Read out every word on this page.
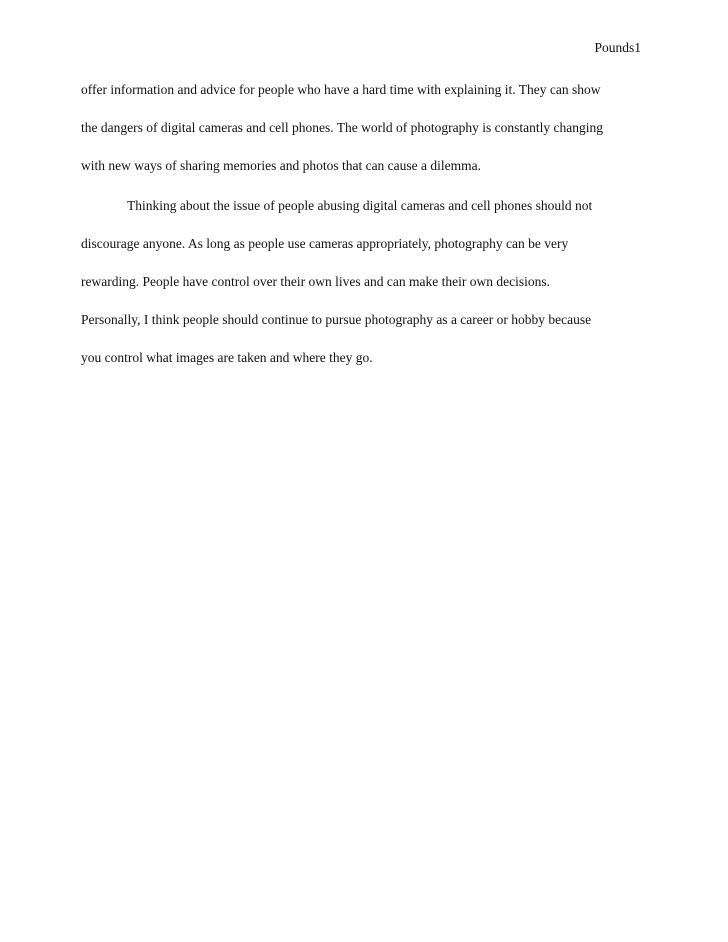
Pounds1
offer information and advice for people who have a hard time with explaining it. They can show
the dangers of digital cameras and cell phones. The world of photography is constantly changing
with new ways of sharing memories and photos that can cause a dilemma.
Thinking about the issue of people abusing digital cameras and cell phones should not
discourage anyone. As long as people use cameras appropriately, photography can be very
rewarding. People have control over their own lives and can make their own decisions.
Personally, I think people should continue to pursue photography as a career or hobby because
you control what images are taken and where they go.
